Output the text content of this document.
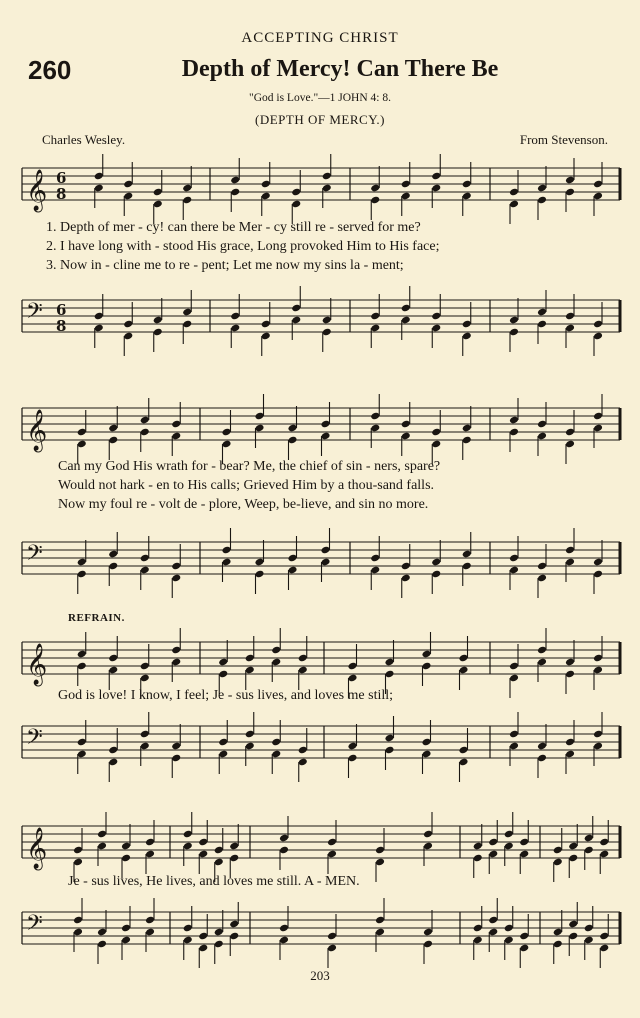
ACCEPTING CHRIST
260	Depth of Mercy! Can There Be
"God is Love."—1 JOHN 4: 8.
(DEPTH OF MERCY.)
Charles Wesley.	From Stevenson.
𝄞 6
8
1. Depth of mer - cy! can there be Mer - cy still re - served for me?
2. I have long with - stood His grace, Long provoked Him to His face;
3. Now in - cline me to re - pent; Let me now my sins la - ment;
𝄢 6
8
𝄞
Can my God His wrath for - bear? Me, the chief of sin - ners, spare?
Would not hark - en to His calls; Grieved Him by a thou-sand falls.
Now my foul re - volt de - plore, Weep, be-lieve, and sin no more.
𝄢
REFRAIN.
𝄞
God is love! I know, I feel; Je - sus lives, and loves me still;
𝄢
𝄞
Je - sus lives, He lives, and loves me still. A - MEN.
𝄢
203
